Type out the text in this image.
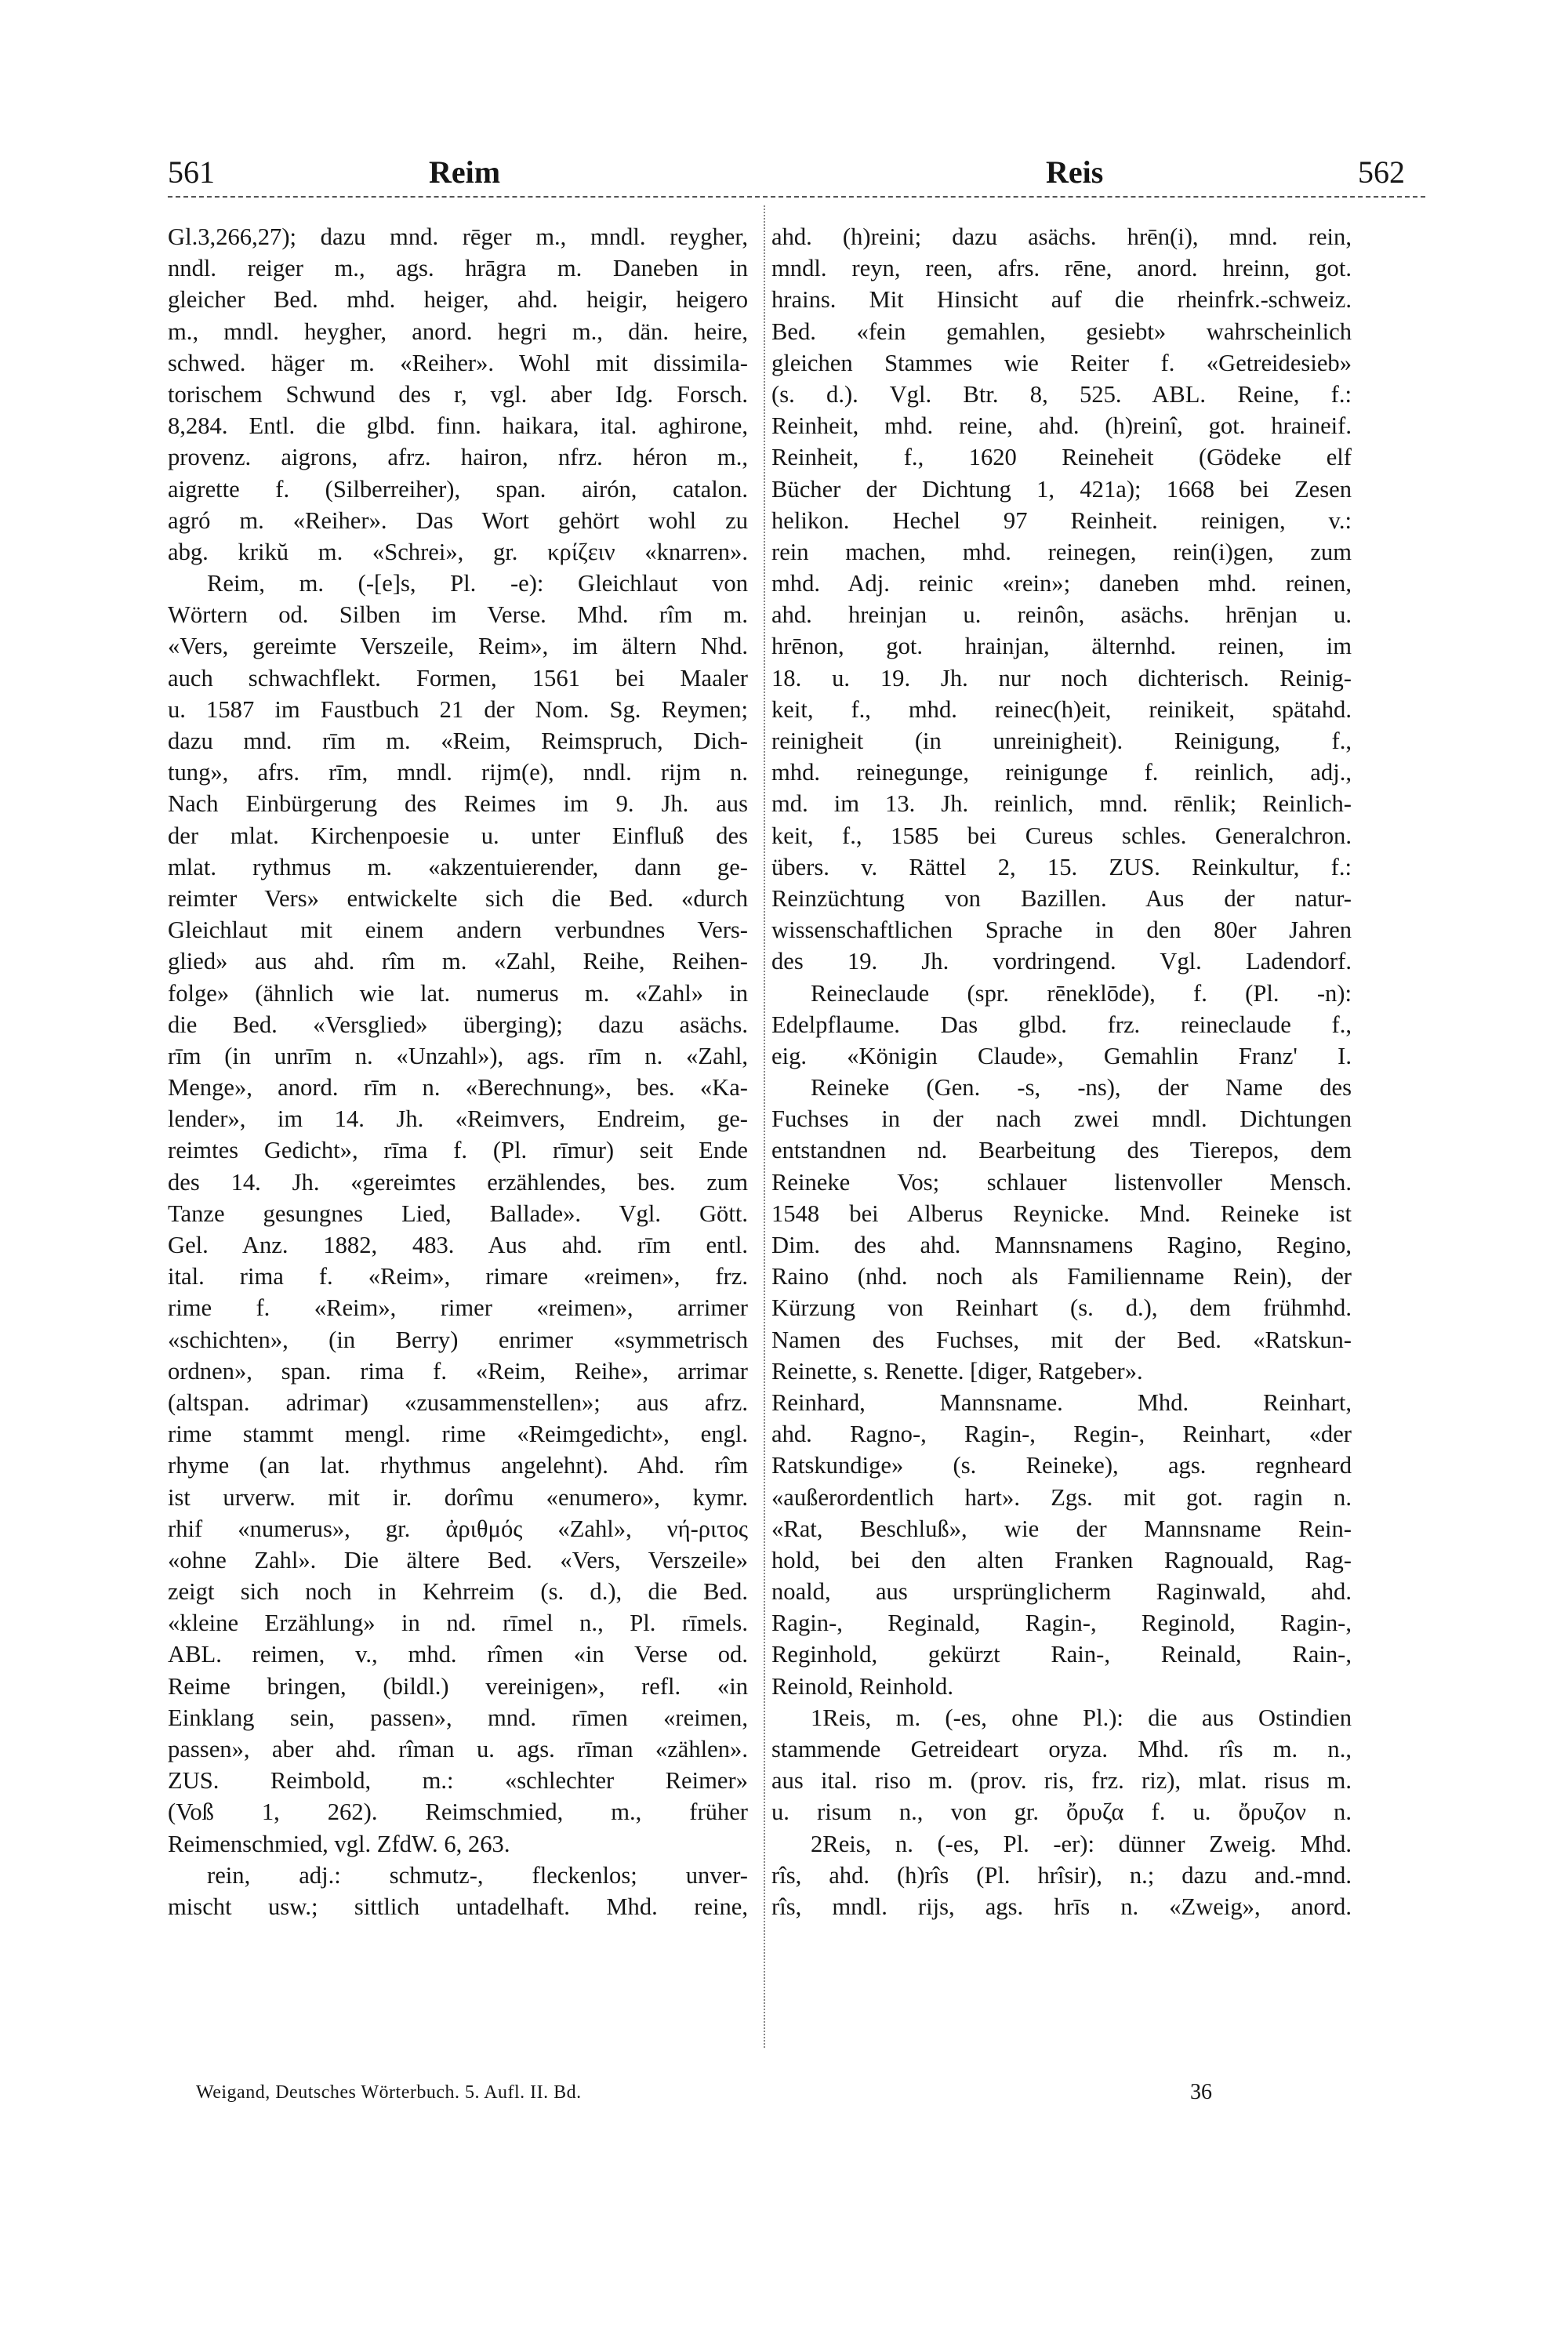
561	Reim	Reis	562
Gl.3,266,27); dazu mnd. rēger m., mndl. reygher,
nndl. reiger m., ags. hrāgra m. Daneben in
gleicher Bed. mhd. heiger, ahd. heigir, heigero
m., mndl. heygher, anord. hegri m., dän. heire,
schwed. häger m. «Reiher». Wohl mit dissimila-
torischem Schwund des r, vgl. aber Idg. Forsch.
8,284. Entl. die glbd. finn. haikara, ital. aghirone,
provenz. aigrons, afrz. hairon, nfrz. héron m.,
aigrette f. (Silberreiher), span. airón, catalon.
agró m. «Reiher». Das Wort gehört wohl zu
abg. krikŭ m. «Schrei», gr. κρίζειν «knarren».
Reim, m. (-[e]s, Pl. -e): Gleichlaut von
Wörtern od. Silben im Verse. Mhd. rîm m.
«Vers, gereimte Verszeile, Reim», im ältern Nhd.
auch schwachflekt. Formen, 1561 bei Maaler
u. 1587 im Faustbuch 21 der Nom. Sg. Reymen;
dazu mnd. rīm m. «Reim, Reimspruch, Dich-
tung», afrs. rīm, mndl. rijm(e), nndl. rijm n.
Nach Einbürgerung des Reimes im 9. Jh. aus
der mlat. Kirchenpoesie u. unter Einfluß des
mlat. rythmus m. «akzentuierender, dann ge-
reimter Vers» entwickelte sich die Bed. «durch
Gleichlaut mit einem andern verbundnes Vers-
glied» aus ahd. rîm m. «Zahl, Reihe, Reihen-
folge» (ähnlich wie lat. numerus m. «Zahl» in
die Bed. «Versglied» überging); dazu asächs.
rīm (in unrīm n. «Unzahl»), ags. rīm n. «Zahl,
Menge», anord. rīm n. «Berechnung», bes. «Ka-
lender», im 14. Jh. «Reimvers, Endreim, ge-
reimtes Gedicht», rīma f. (Pl. rīmur) seit Ende
des 14. Jh. «gereimtes erzählendes, bes. zum
Tanze gesungnes Lied, Ballade». Vgl. Gött.
Gel. Anz. 1882, 483. Aus ahd. rīm entl.
ital. rima f. «Reim», rimare «reimen», frz.
rime f. «Reim», rimer «reimen», arrimer
«schichten», (in Berry) enrimer «symmetrisch
ordnen», span. rima f. «Reim, Reihe», arrimar
(altspan. adrimar) «zusammenstellen»; aus afrz.
rime stammt mengl. rime «Reimgedicht», engl.
rhyme (an lat. rhythmus angelehnt). Ahd. rîm
ist urverw. mit ir. dorîmu «enumero», kymr.
rhif «numerus», gr. ἀριθμός «Zahl», νή-ριτος
«ohne Zahl». Die ältere Bed. «Vers, Verszeile»
zeigt sich noch in Kehrreim (s. d.), die Bed.
«kleine Erzählung» in nd. rīmel n., Pl. rīmels.
ABL. reimen, v., mhd. rîmen «in Verse od.
Reime bringen, (bildl.) vereinigen», refl. «in
Einklang sein, passen», mnd. rīmen «reimen,
passen», aber ahd. rîman u. ags. rīman «zählen».
ZUS. Reimbold, m.: «schlechter Reimer»
(Voß 1, 262). Reimschmied, m., früher
Reimenschmied, vgl. ZfdW. 6, 263.
rein, adj.: schmutz-, fleckenlos; unver-
mischt usw.; sittlich untadelhaft. Mhd. reine,
ahd. (h)reini; dazu asächs. hrēn(i), mnd. rein,
mndl. reyn, reen, afrs. rēne, anord. hreinn, got.
hrains. Mit Hinsicht auf die rheinfrk.-schweiz.
Bed. «fein gemahlen, gesiebt» wahrscheinlich
gleichen Stammes wie Reiter f. «Getreidesieb»
(s. d.). Vgl. Btr. 8, 525. ABL. Reine, f.:
Reinheit, mhd. reine, ahd. (h)reinî, got. hraineif.
Reinheit, f., 1620 Reineheit (Gödeke elf
Bücher der Dichtung 1, 421a); 1668 bei Zesen
helikon. Hechel 97 Reinheit. reinigen, v.:
rein machen, mhd. reinegen, rein(i)gen, zum
mhd. Adj. reinic «rein»; daneben mhd. reinen,
ahd. hreinjan u. reinôn, asächs. hrēnjan u.
hrēnon, got. hrainjan, älternhd. reinen, im
18. u. 19. Jh. nur noch dichterisch. Reinig-
keit, f., mhd. reinec(h)eit, reinikeit, spätahd.
reinigheit (in unreinigheit). Reinigung, f.,
mhd. reinegunge, reinigunge f. reinlich, adj.,
md. im 13. Jh. reinlich, mnd. rēnlik; Reinlich-
keit, f., 1585 bei Cureus schles. Generalchron.
übers. v. Rättel 2, 15. ZUS. Reinkultur, f.:
Reinzüchtung von Bazillen. Aus der natur-
wissenschaftlichen Sprache in den 80er Jahren
des 19. Jh. vordringend. Vgl. Ladendorf.
Reineclaude (spr. rēneklōde), f. (Pl. -n):
Edelpflaume. Das glbd. frz. reineclaude f.,
eig. «Königin Claude», Gemahlin Franz' I.
Reineke (Gen. -s, -ns), der Name des
Fuchses in der nach zwei mndl. Dichtungen
entstandnen nd. Bearbeitung des Tierepos, dem
Reineke Vos; schlauer listenvoller Mensch.
1548 bei Alberus Reynicke. Mnd. Reineke ist
Dim. des ahd. Mannsnamens Ragino, Regino,
Raino (nhd. noch als Familienname Rein), der
Kürzung von Reinhart (s. d.), dem frühmhd.
Namen des Fuchses, mit der Bed. «Ratskun-
Reinette, s. Renette. [diger, Ratgeber».
Reinhard, Mannsname. Mhd. Reinhart,
ahd. Ragno-, Ragin-, Regin-, Reinhart, «der
Ratskundige» (s. Reineke), ags. regnheard
«außerordentlich hart». Zgs. mit got. ragin n.
«Rat, Beschluß», wie der Mannsname Rein-
hold, bei den alten Franken Ragnouald, Rag-
noald, aus ursprünglicherm Raginwald, ahd.
Ragin-, Reginald, Ragin-, Reginold, Ragin-,
Reginhold, gekürzt Rain-, Reinald, Rain-,
Reinold, Reinhold.
1Reis, m. (-es, ohne Pl.): die aus Ostindien
stammende Getreideart oryza. Mhd. rîs m. n.,
aus ital. riso m. (prov. ris, frz. riz), mlat. risus m.
u. risum n., von gr. ὄρυζα f. u. ὄρυζον n.
2Reis, n. (-es, Pl. -er): dünner Zweig. Mhd.
rîs, ahd. (h)rîs (Pl. hrîsir), n.; dazu and.-mnd.
rîs, mndl. rijs, ags. hrīs n. «Zweig», anord.
Weigand, Deutsches Wörterbuch. 5. Aufl. II. Bd.	36
